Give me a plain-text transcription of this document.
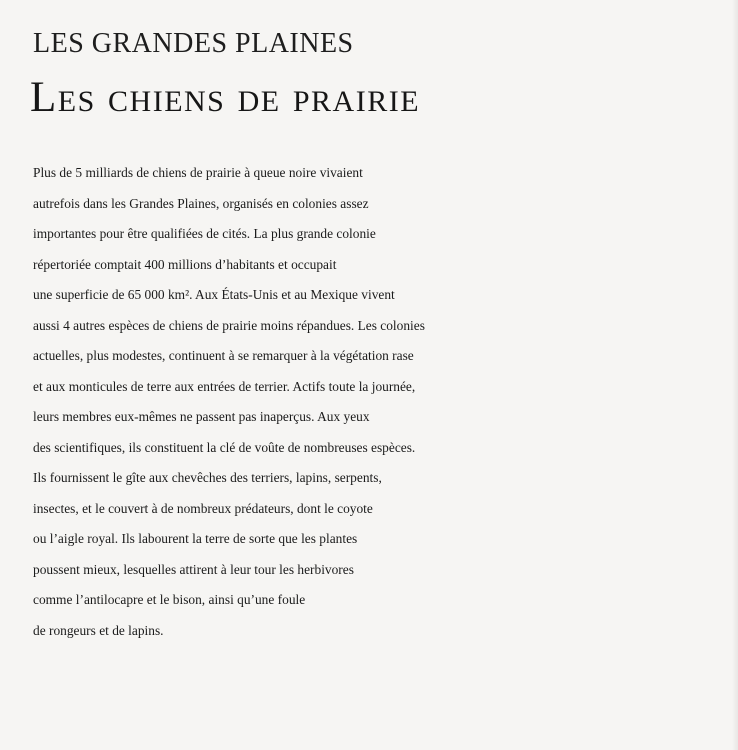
LES GRANDES PLAINES
Les chiens de prairie
Plus de 5 milliards de chiens de prairie à queue noire vivaient
autrefois dans les Grandes Plaines, organisés en colonies assez
importantes pour être qualifiées de cités. La plus grande colonie
répertoriée comptait 400 millions d’habitants et occupait
une superficie de 65 000 km². Aux États-Unis et au Mexique vivent
aussi 4 autres espèces de chiens de prairie moins répandues. Les colonies
actuelles, plus modestes, continuent à se remarquer à la végétation rase
et aux monticules de terre aux entrées de terrier. Actifs toute la journée,
leurs membres eux-mêmes ne passent pas inaperçus. Aux yeux
des scientifiques, ils constituent la clé de voûte de nombreuses espèces.
Ils fournissent le gîte aux chevêches des terriers, lapins, serpents,
insectes, et le couvert à de nombreux prédateurs, dont le coyote
ou l’aigle royal. Ils labourent la terre de sorte que les plantes
poussent mieux, lesquelles attirent à leur tour les herbivores
comme l’antilocapre et le bison, ainsi qu’une foule
de rongeurs et de lapins.
